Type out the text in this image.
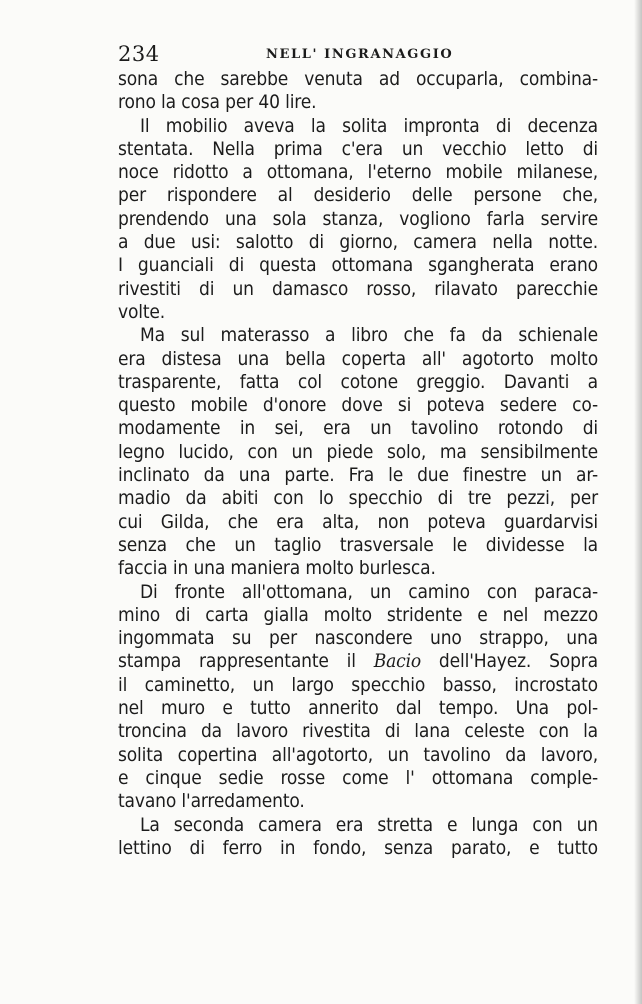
234	NELL' INGRANAGGIO
sona che sarebbe venuta ad occuparla, combina-
rono la cosa per 40 lire.
Il mobilio aveva la solita impronta di decenza
stentata. Nella prima c'era un vecchio letto di
noce ridotto a ottomana, l'eterno mobile milanese,
per rispondere al desiderio delle persone che,
prendendo una sola stanza, vogliono farla servire
a due usi: salotto di giorno, camera nella notte.
I guanciali di questa ottomana sgangherata erano
rivestiti di un damasco rosso, rilavato parecchie
volte.
Ma sul materasso a libro che fa da schienale
era distesa una bella coperta all' agotorto molto
trasparente, fatta col cotone greggio. Davanti a
questo mobile d'onore dove si poteva sedere co-
modamente in sei, era un tavolino rotondo di
legno lucido, con un piede solo, ma sensibilmente
inclinato da una parte. Fra le due finestre un ar-
madio da abiti con lo specchio di tre pezzi, per
cui Gilda, che era alta, non poteva guardarvisi
senza che un taglio trasversale le dividesse la
faccia in una maniera molto burlesca.
Di fronte all'ottomana, un camino con paraca-
mino di carta gialla molto stridente e nel mezzo
ingommata su per nascondere uno strappo, una
stampa rappresentante il Bacio dell'Hayez. Sopra
il caminetto, un largo specchio basso, incrostato
nel muro e tutto annerito dal tempo. Una pol-
troncina da lavoro rivestita di lana celeste con la
solita copertina all'agotorto, un tavolino da lavoro,
e cinque sedie rosse come l' ottomana comple-
tavano l'arredamento.
La seconda camera era stretta e lunga con un
lettino di ferro in fondo, senza parato, e tutto
